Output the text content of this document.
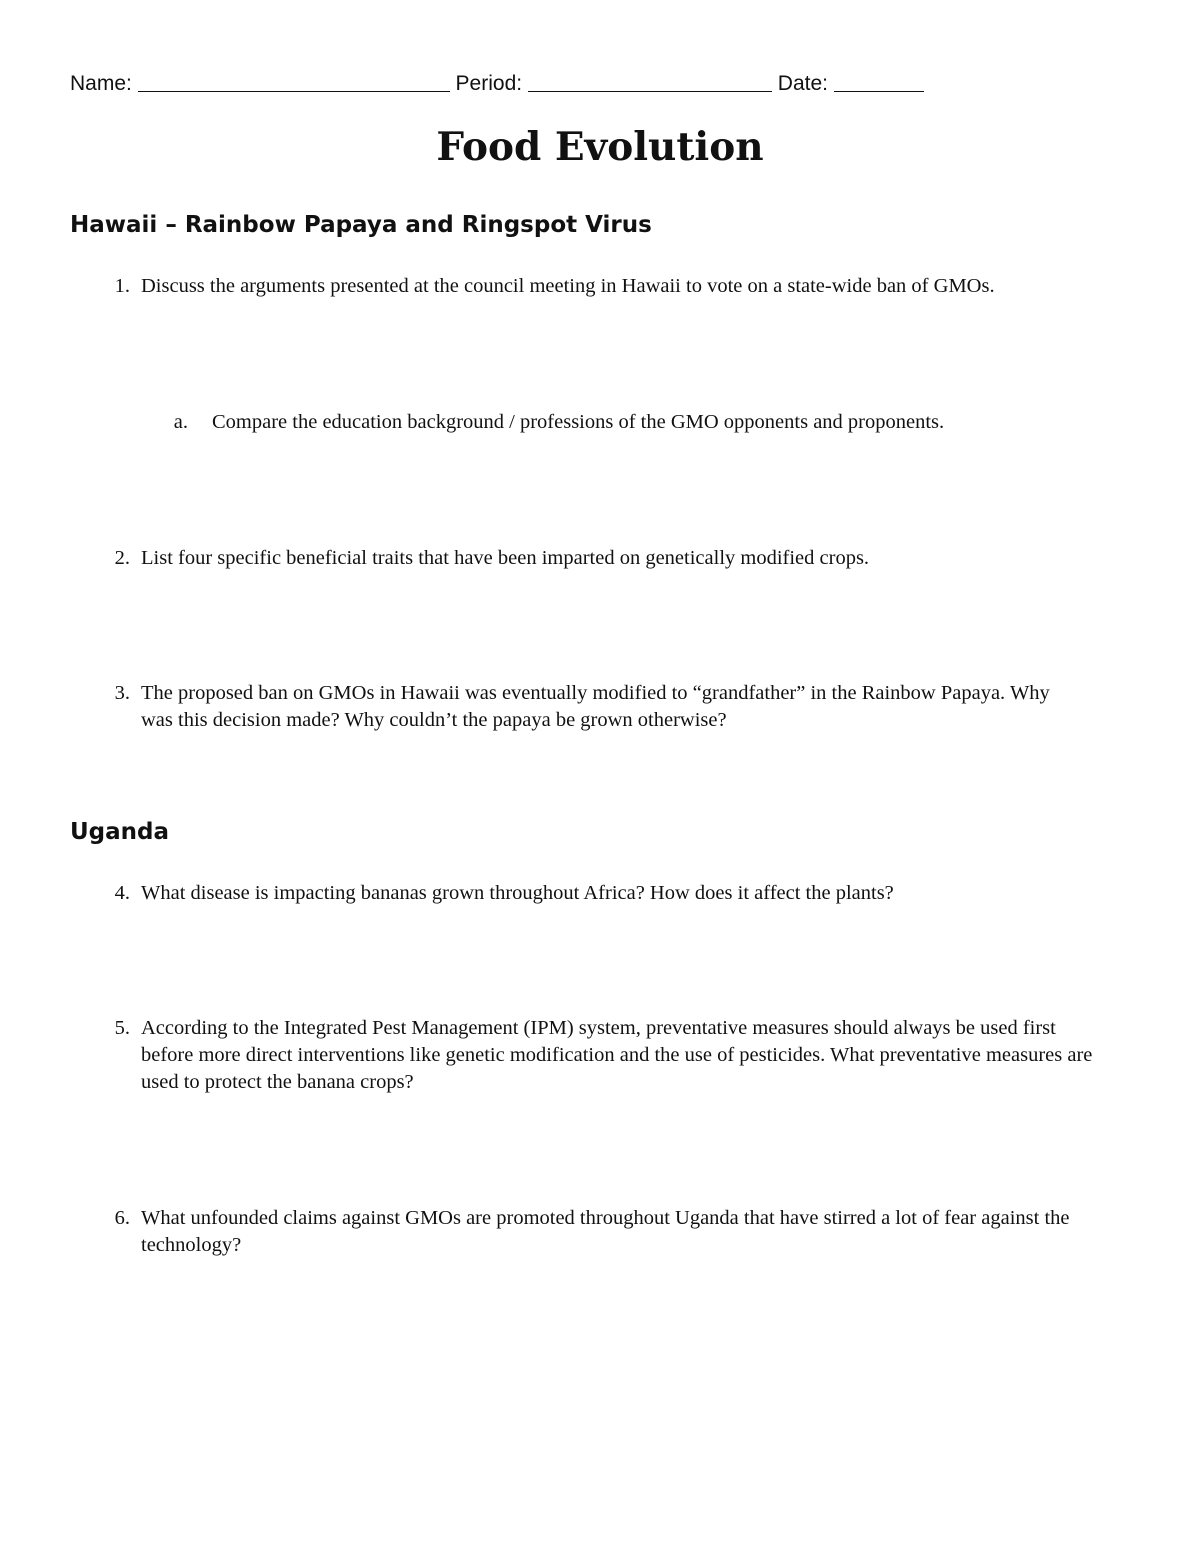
Name:	Period:	Date:
Food Evolution
Hawaii – Rainbow Papaya and Ringspot Virus
1. Discuss the arguments presented at the council meeting in Hawaii to vote on a state-wide ban of GMOs.
a. Compare the education background / professions of the GMO opponents and proponents.
2. List four specific beneficial traits that have been imparted on genetically modified crops.
3. The proposed ban on GMOs in Hawaii was eventually modified to “grandfather” in the Rainbow Papaya. Why was this decision made? Why couldn’t the papaya be grown otherwise?
Uganda
4. What disease is impacting bananas grown throughout Africa? How does it affect the plants?
5. According to the Integrated Pest Management (IPM) system, preventative measures should always be used first before more direct interventions like genetic modification and the use of pesticides. What preventative measures are used to protect the banana crops?
6. What unfounded claims against GMOs are promoted throughout Uganda that have stirred a lot of fear against the technology?
